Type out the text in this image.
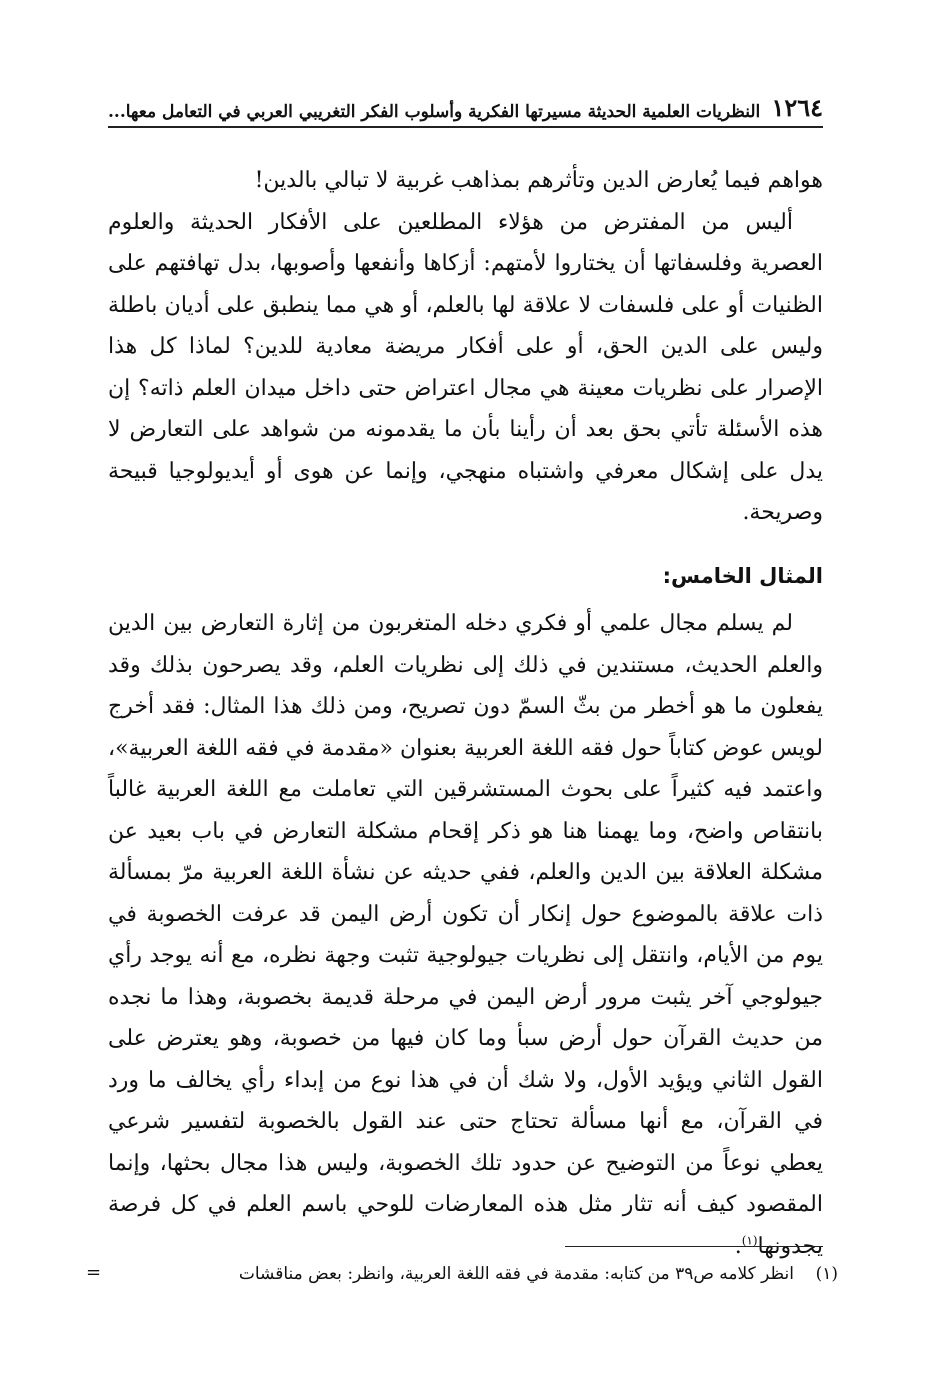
١٢٦٤
النظريات العلمية الحديثة مسيرتها الفكرية وأسلوب الفكر التغريبي العربي في التعامل معها...

هواهم فيما يُعارض الدين وتأثرهم بمذاهب غربية لا تبالي بالدين!

أليس من المفترض من هؤلاء المطلعين على الأفكار الحديثة والعلوم العصرية وفلسفاتها أن يختاروا لأمتهم: أزكاها وأنفعها وأصوبها، بدل تهافتهم على الظنيات أو على فلسفات لا علاقة لها بالعلم، أو هي مما ينطبق على أديان باطلة وليس على الدين الحق، أو على أفكار مريضة معادية للدين؟ لماذا كل هذا الإصرار على نظريات معينة هي مجال اعتراض حتى داخل ميدان العلم ذاته؟ إن هذه الأسئلة تأتي بحق بعد أن رأينا بأن ما يقدمونه من شواهد على التعارض لا يدل على إشكال معرفي واشتباه منهجي، وإنما عن هوى أو أيديولوجيا قبيحة وصريحة.

المثال الخامس:

لم يسلم مجال علمي أو فكري دخله المتغربون من إثارة التعارض بين الدين والعلم الحديث، مستندين في ذلك إلى نظريات العلم، وقد يصرحون بذلك وقد يفعلون ما هو أخطر من بثّ السمّ دون تصريح، ومن ذلك هذا المثال: فقد أخرج لويس عوض كتاباً حول فقه اللغة العربية بعنوان «مقدمة في فقه اللغة العربية»، واعتمد فيه كثيراً على بحوث المستشرقين التي تعاملت مع اللغة العربية غالباً بانتقاص واضح، وما يهمنا هنا هو ذكر إقحام مشكلة التعارض في باب بعيد عن مشكلة العلاقة بين الدين والعلم، ففي حديثه عن نشأة اللغة العربية مرّ بمسألة ذات علاقة بالموضوع حول إنكار أن تكون أرض اليمن قد عرفت الخصوبة في يوم من الأيام، وانتقل إلى نظريات جيولوجية تثبت وجهة نظره، مع أنه يوجد رأي جيولوجي آخر يثبت مرور أرض اليمن في مرحلة قديمة بخصوبة، وهذا ما نجده من حديث القرآن حول أرض سبأ وما كان فيها من خصوبة، وهو يعترض على القول الثاني ويؤيد الأول، ولا شك أن في هذا نوع من إبداء رأي يخالف ما ورد في القرآن، مع أنها مسألة تحتاج حتى عند القول بالخصوبة لتفسير شرعي يعطي نوعاً من التوضيح عن حدود تلك الخصوبة، وليس هذا مجال بحثها، وإنما المقصود كيف أنه تثار مثل هذه المعارضات للوحي باسم العلم في كل فرصة يجدونها$^{(١)}$.

(١)    انظر كلامه ص٣٩ من كتابه: مقدمة في فقه اللغة العربية، وانظر: بعض مناقشات
=
